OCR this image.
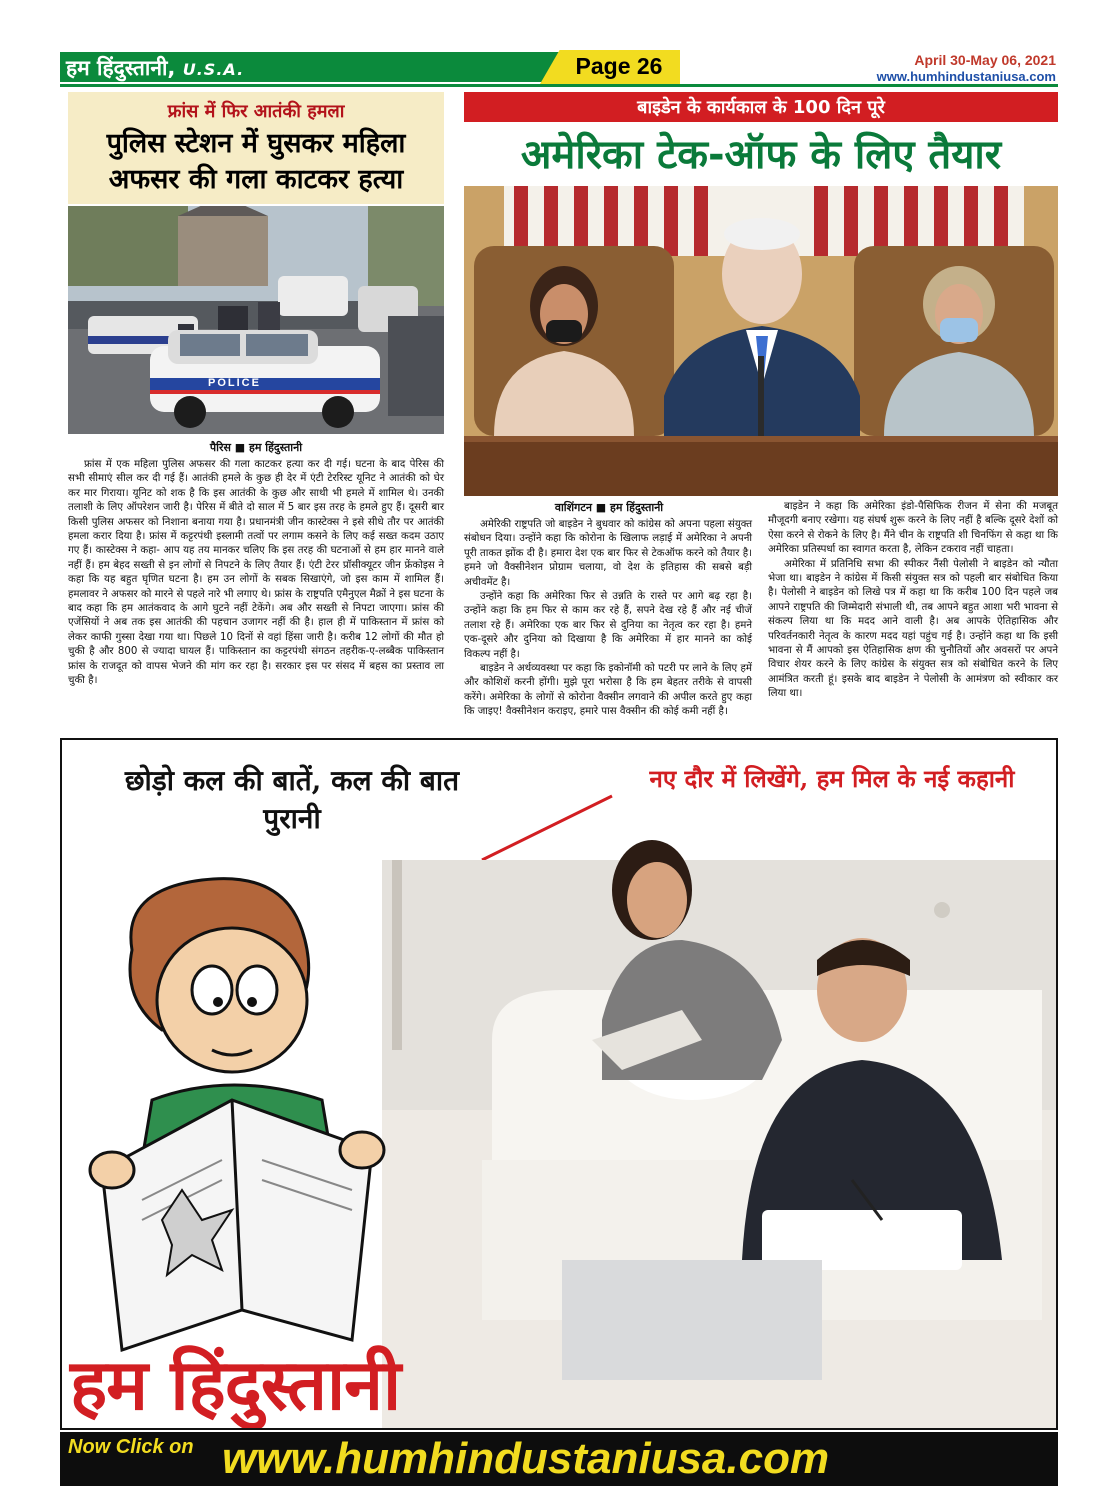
हम हिंदुस्तानी, U.S.A.	Page 26	April 30-May 06, 2021
www.humhindustaniusa.com
फ्रांस में फिर आतंकी हमला
पुलिस स्टेशन में घुसकर महिला अफसर की गला काटकर हत्या
POLICE
पैरिस ■ हम हिंदुस्तानी
फ्रांस में एक महिला पुलिस अफसर की गला काटकर हत्या कर दी गई। घटना के बाद पेरिस की सभी सीमाएं सील कर दी गई हैं। आतंकी हमले के कुछ ही देर में एंटी टेररिस्ट यूनिट ने आतंकी को घेर कर मार गिराया। यूनिट को शक है कि इस आतंकी के कुछ और साथी भी हमले में शामिल थे। उनकी तलाशी के लिए ऑपरेशन जारी है। पेरिस में बीते दो साल में 5 बार इस तरह के हमले हुए हैं। दूसरी बार किसी पुलिस अफसर को निशाना बनाया गया है। प्रधानमंत्री जीन कास्टेक्स ने इसे सीधे तौर पर आतंकी हमला करार दिया है। फ्रांस में कट्टरपंथी इस्लामी तत्वों पर लगाम कसने के लिए कई सख्त कदम उठाए गए हैं। कास्टेक्स ने कहा- आप यह तय मानकर चलिए कि इस तरह की घटनाओं से हम हार मानने वाले नहीं हैं। हम बेहद सख्ती से इन लोगों से निपटने के लिए तैयार हैं। एंटी टेरर प्रॉसीक्यूटर जीन फ्रेंकोइस ने कहा कि यह बहुत घृणित घटना है। हम उन लोगों के सबक सिखाएंगे, जो इस काम में शामिल हैं। हमलावर ने अफसर को मारने से पहले नारे भी लगाए थे। फ्रांस के राष्ट्रपति एमैनुएल मैक्रों ने इस घटना के बाद कहा कि हम आतंकवाद के आगे घुटने नहीं टेकेंगे। अब और सख्ती से निपटा जाएगा। फ्रांस की एजेंसियों ने अब तक इस आतंकी की पहचान उजागर नहीं की है। हाल ही में पाकिस्तान में फ्रांस को लेकर काफी गुस्सा देखा गया था। पिछले 10 दिनों से वहां हिंसा जारी है। करीब 12 लोगों की मौत हो चुकी है और 800 से ज्यादा घायल हैं। पाकिस्तान का कट्टरपंथी संगठन तहरीक-ए-लब्बैक पाकिस्तान फ्रांस के राजदूत को वापस भेजने की मांग कर रहा है। सरकार इस पर संसद में बहस का प्रस्ताव ला चुकी है।
बाइडेन के कार्यकाल के 100 दिन पूरे
अमेरिका टेक-ऑफ के लिए तैयार
वाशिंगटन ■ हम हिंदुस्तानी

अमेरिकी राष्ट्रपति जो बाइडेन ने बुधवार को कांग्रेस को अपना पहला संयुक्त संबोधन दिया। उन्होंने कहा कि कोरोना के खिलाफ लड़ाई में अमेरिका ने अपनी पूरी ताकत झोंक दी है। हमारा देश एक बार फिर से टेकऑफ करने को तैयार है। हमने जो वैक्सीनेशन प्रोग्राम चलाया, वो देश के इतिहास की सबसे बड़ी अचीवमेंट है।

उन्होंने कहा कि अमेरिका फिर से उन्नति के रास्ते पर आगे बढ़ रहा है। उन्होंने कहा कि हम फिर से काम कर रहे हैं, सपने देख रहे हैं और नई चीजें तलाश रहे हैं। अमेरिका एक बार फिर से दुनिया का नेतृत्व कर रहा है। हमने एक-दूसरे और दुनिया को दिखाया है कि अमेरिका में हार मानने का कोई विकल्प नहीं है।

बाइडेन ने अर्थव्यवस्था पर कहा कि इकोनॉमी को पटरी पर लाने के लिए हमें और कोशिशें करनी होंगी। मुझे पूरा भरोसा है कि हम बेहतर तरीके से वापसी करेंगे। अमेरिका के लोगों से कोरोना वैक्सीन लगवाने की अपील करते हुए कहा कि जाइए! वैक्सीनेशन कराइए, हमारे पास वैक्सीन की कोई कमी नहीं है।

बाइडेन ने कहा कि अमेरिका इंडो-पैसिफिक रीजन में सेना की मजबूत मौजूदगी बनाए रखेगा। यह संघर्ष शुरू करने के लिए नहीं है बल्कि दूसरे देशों को ऐसा करने से रोकने के लिए है। मैंने चीन के राष्ट्रपति शी चिनफिंग से कहा था कि अमेरिका प्रतिस्पर्धा का स्वागत करता है, लेकिन टकराव नहीं चाहता।

अमेरिका में प्रतिनिधि सभा की स्पीकर नैंसी पेलोसी ने बाइडेन को न्यौता भेजा था। बाइडेन ने कांग्रेस में किसी संयुक्त सत्र को पहली बार संबोधित किया है। पेलोसी ने बाइडेन को लिखे पत्र में कहा था कि करीब 100 दिन पहले जब आपने राष्ट्रपति की जिम्मेदारी संभाली थी, तब आपने बहुत आशा भरी भावना से संकल्प लिया था कि मदद आने वाली है। अब आपके ऐतिहासिक और परिवर्तनकारी नेतृत्व के कारण मदद यहां पहुंच गई है। उन्होंने कहा था कि इसी भावना से मैं आपको इस ऐतिहासिक क्षण की चुनौतियों और अवसरों पर अपने विचार शेयर करने के लिए कांग्रेस के संयुक्त सत्र को संबोधित करने के लिए आमंत्रित करती हूं। इसके बाद बाइडेन ने पेलोसी के आमंत्रण को स्वीकार कर लिया था।

छोड़ो कल की बातें, कल की बात पुरानी
नए दौर में लिखेंगे, हम मिल के नई कहानी
हम हिंदुस्तानी
Now Click on www.humhindustaniusa.com
